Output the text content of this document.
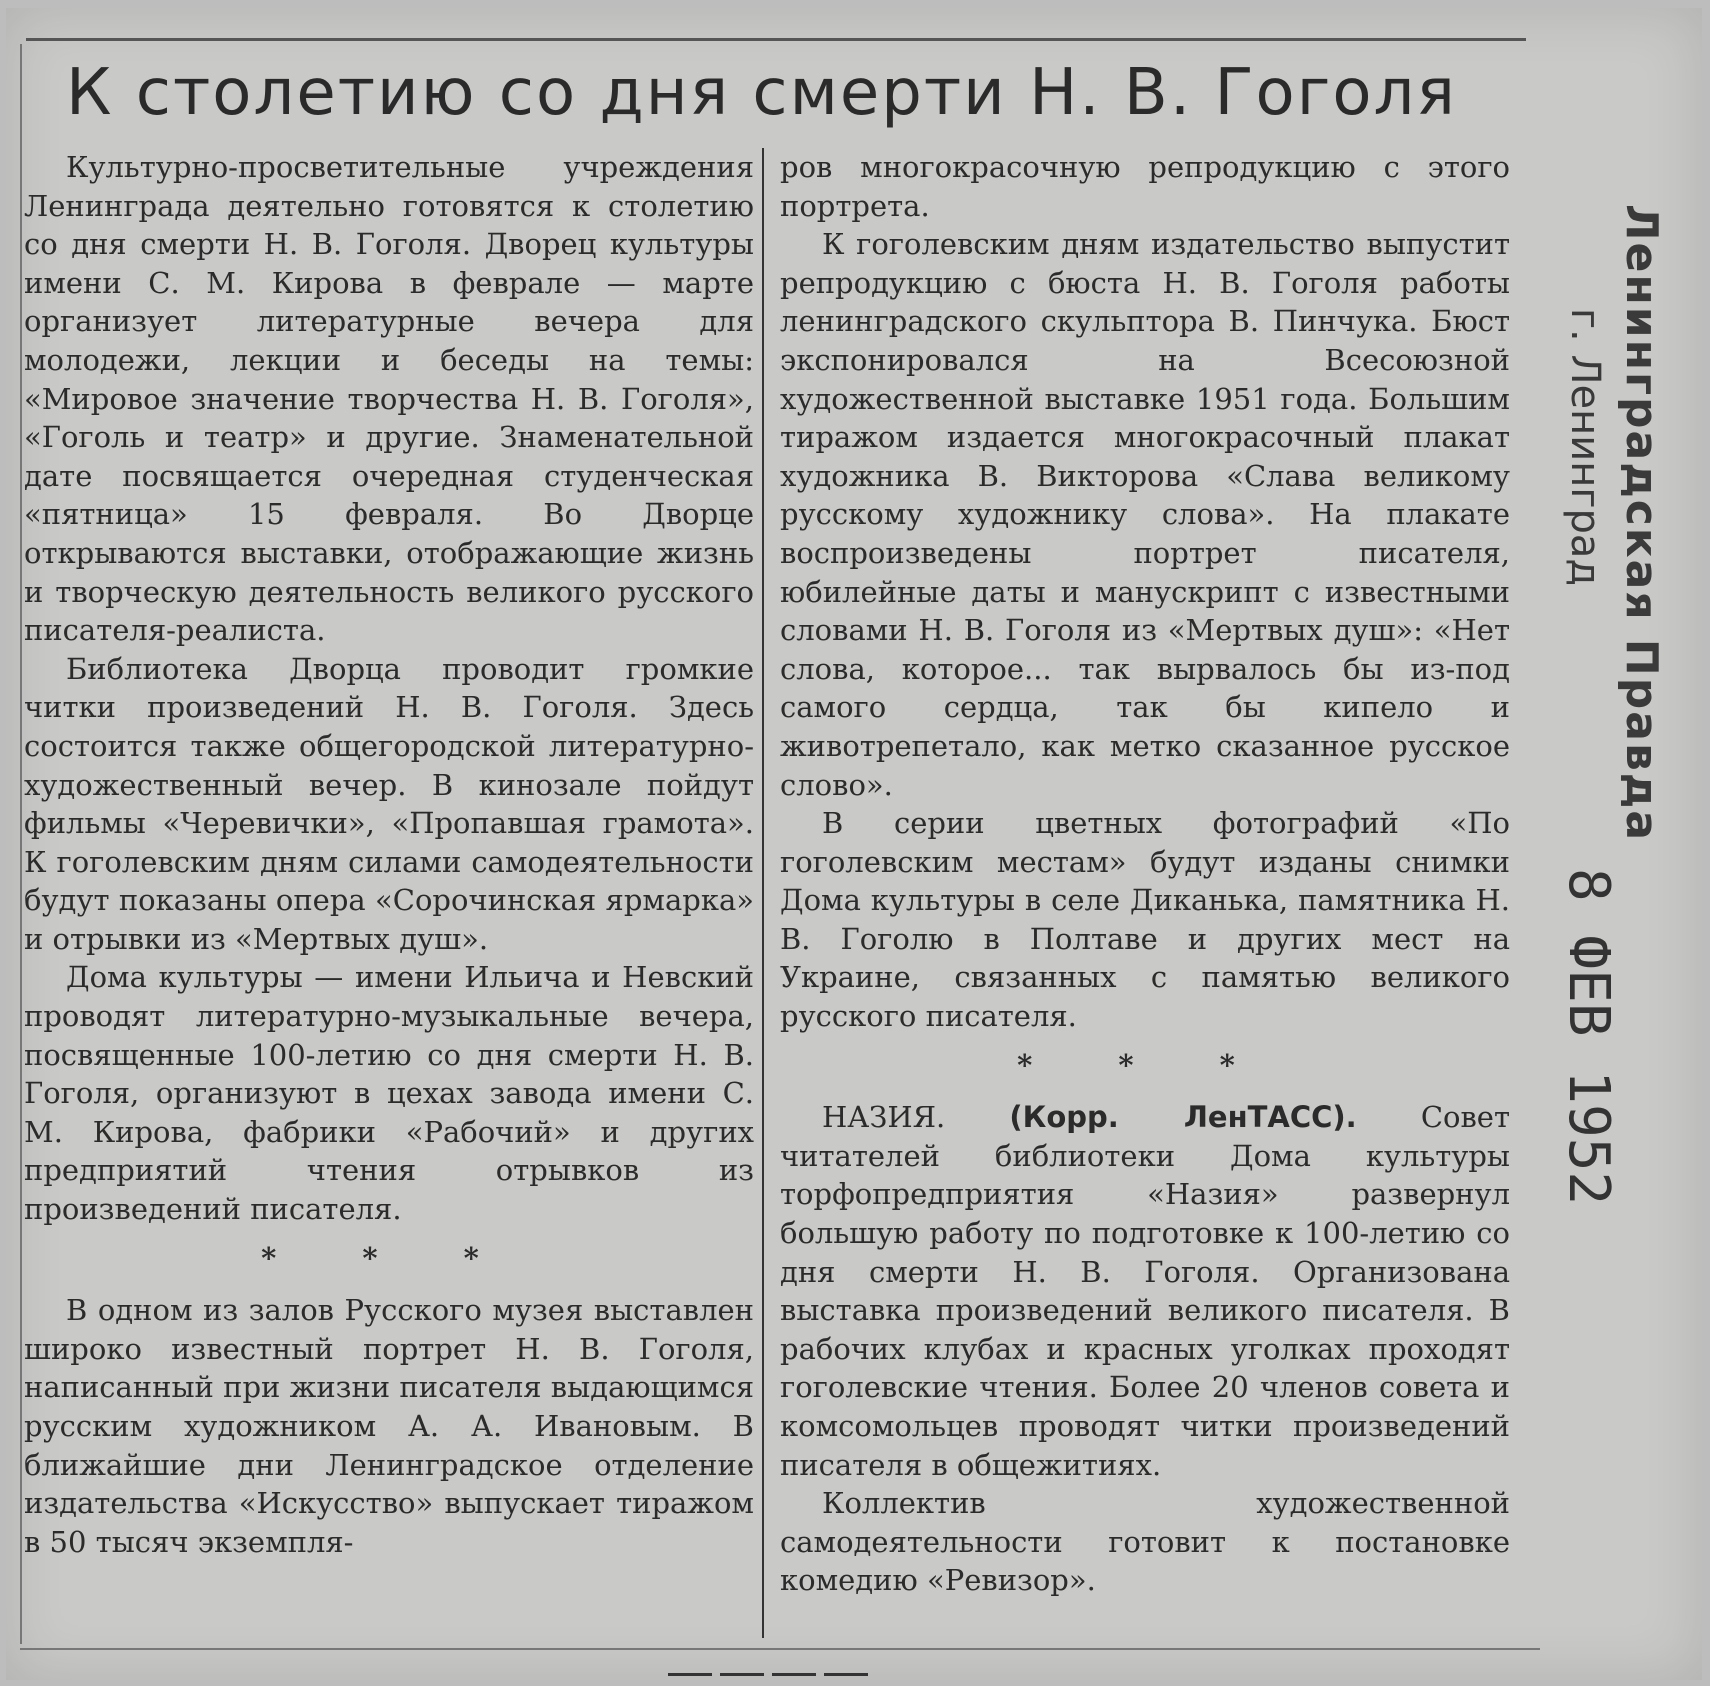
К столетию со дня смерти Н. В. Гоголя

Культурно-просветительные учреждения Ленинграда деятельно готовятся к столетию со дня смерти Н. В. Гоголя. Дворец культуры имени С. М. Кирова в феврале — марте организует литературные вечера для молодежи, лекции и беседы на темы: «Мировое значение творчества Н. В. Гоголя», «Гоголь и театр» и другие. Знаменательной дате посвящается очередная студенческая «пятница» 15 февраля. Во Дворце открываются выставки, отображающие жизнь и творческую деятельность великого русского писателя-реалиста.

Библиотека Дворца проводит громкие читки произведений Н. В. Гоголя. Здесь состоится также общегородской литературно-художественный вечер. В кинозале пойдут фильмы «Черевички», «Пропавшая грамота». К гоголевским дням силами самодеятельности будут показаны опера «Сорочинская ярмарка» и отрывки из «Мертвых душ».

Дома культуры — имени Ильича и Невский проводят литературно-музыкальные вечера, посвященные 100-летию со дня смерти Н. В. Гоголя, организуют в цехах завода имени С. М. Кирова, фабрики «Рабочий» и других предприятий чтения отрывков из произведений писателя.

* * *

В одном из залов Русского музея выставлен широко известный портрет Н. В. Гоголя, написанный при жизни писателя выдающимся русским художником А. А. Ивановым. В ближайшие дни Ленинградское отделение издательства «Искусство» выпускает тиражом в 50 тысяч экземпля-

ров многокрасочную репродукцию с этого портрета.

К гоголевским дням издательство выпустит репродукцию с бюста Н. В. Гоголя работы ленинградского скульптора В. Пинчука. Бюст экспонировался на Всесоюзной художественной выставке 1951 года. Большим тиражом издается многокрасочный плакат художника В. Викторова «Слава великому русскому художнику слова». На плакате воспроизведены портрет писателя, юбилейные даты и манускрипт с известными словами Н. В. Гоголя из «Мертвых душ»: «Нет слова, которое... так вырвалось бы из-под самого сердца, так бы кипело и животрепетало, как метко сказанное русское слово».

В серии цветных фотографий «По гоголевским местам» будут изданы снимки Дома культуры в селе Диканька, памятника Н. В. Гоголю в Полтаве и других мест на Украине, связанных с памятью великого русского писателя.

* * *

НАЗИЯ. (Корр. ЛенТАСС). Совет читателей библиотеки Дома культуры торфопредприятия «Назия» развернул большую работу по подготовке к 100-летию со дня смерти Н. В. Гоголя. Организована выставка произведений великого писателя. В рабочих клубах и красных уголках проходят гоголевские чтения. Более 20 членов совета и комсомольцев проводят читки произведений писателя в общежитиях.

Коллектив художественной самодеятельности готовит к постановке комедию «Ревизор».

Ленинградская Правда
г. Ленинград
8 ФЕВ 1952
